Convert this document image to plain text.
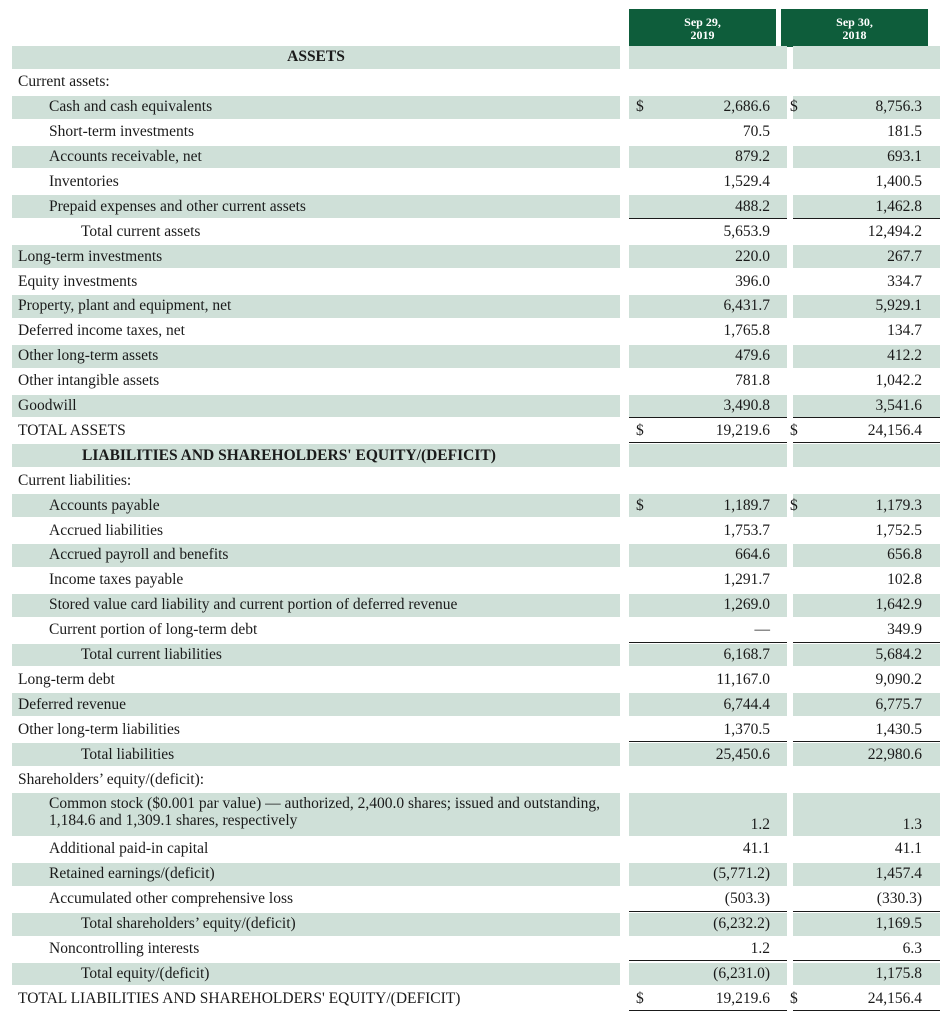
Sep 29,
2019
Sep 30,
2018
ASSETS
Current assets:
Cash and cash equivalents	$	2,686.6 $	8,756.3
Short-term investments	70.5	181.5
Accounts receivable, net	879.2	693.1
Inventories	1,529.4	1,400.5
Prepaid expenses and other current assets	488.2	1,462.8
Total current assets	5,653.9	12,494.2
Long-term investments	220.0	267.7
Equity investments	396.0	334.7
Property, plant and equipment, net	6,431.7	5,929.1
Deferred income taxes, net	1,765.8	134.7
Other long-term assets	479.6	412.2
Other intangible assets	781.8	1,042.2
Goodwill	3,490.8	3,541.6
TOTAL ASSETS	$	19,219.6 $	24,156.4
LIABILITIES AND SHAREHOLDERS' EQUITY/(DEFICIT)
Current liabilities:
Accounts payable	$	1,189.7 $	1,179.3
Accrued liabilities	1,753.7	1,752.5
Accrued payroll and benefits	664.6	656.8
Income taxes payable	1,291.7	102.8
Stored value card liability and current portion of deferred revenue	1,269.0	1,642.9
Current portion of long-term debt	—	349.9
Total current liabilities	6,168.7	5,684.2
Long-term debt	11,167.0	9,090.2
Deferred revenue	6,744.4	6,775.7
Other long-term liabilities	1,370.5	1,430.5
Total liabilities	25,450.6	22,980.6
Shareholders’ equity/(deficit):
Common stock ($0.001 par value) — authorized, 2,400.0 shares; issued and outstanding, 1,184.6 and 1,309.1 shares, respectively	1.2	1.3
Additional paid-in capital	41.1	41.1
Retained earnings/(deficit)	(5,771.2)	1,457.4
Accumulated other comprehensive loss	(503.3)	(330.3)
Total shareholders’ equity/(deficit)	(6,232.2)	1,169.5
Noncontrolling interests	1.2	6.3
Total equity/(deficit)	(6,231.0)	1,175.8
TOTAL LIABILITIES AND SHAREHOLDERS' EQUITY/(DEFICIT)	$	19,219.6 $	24,156.4
